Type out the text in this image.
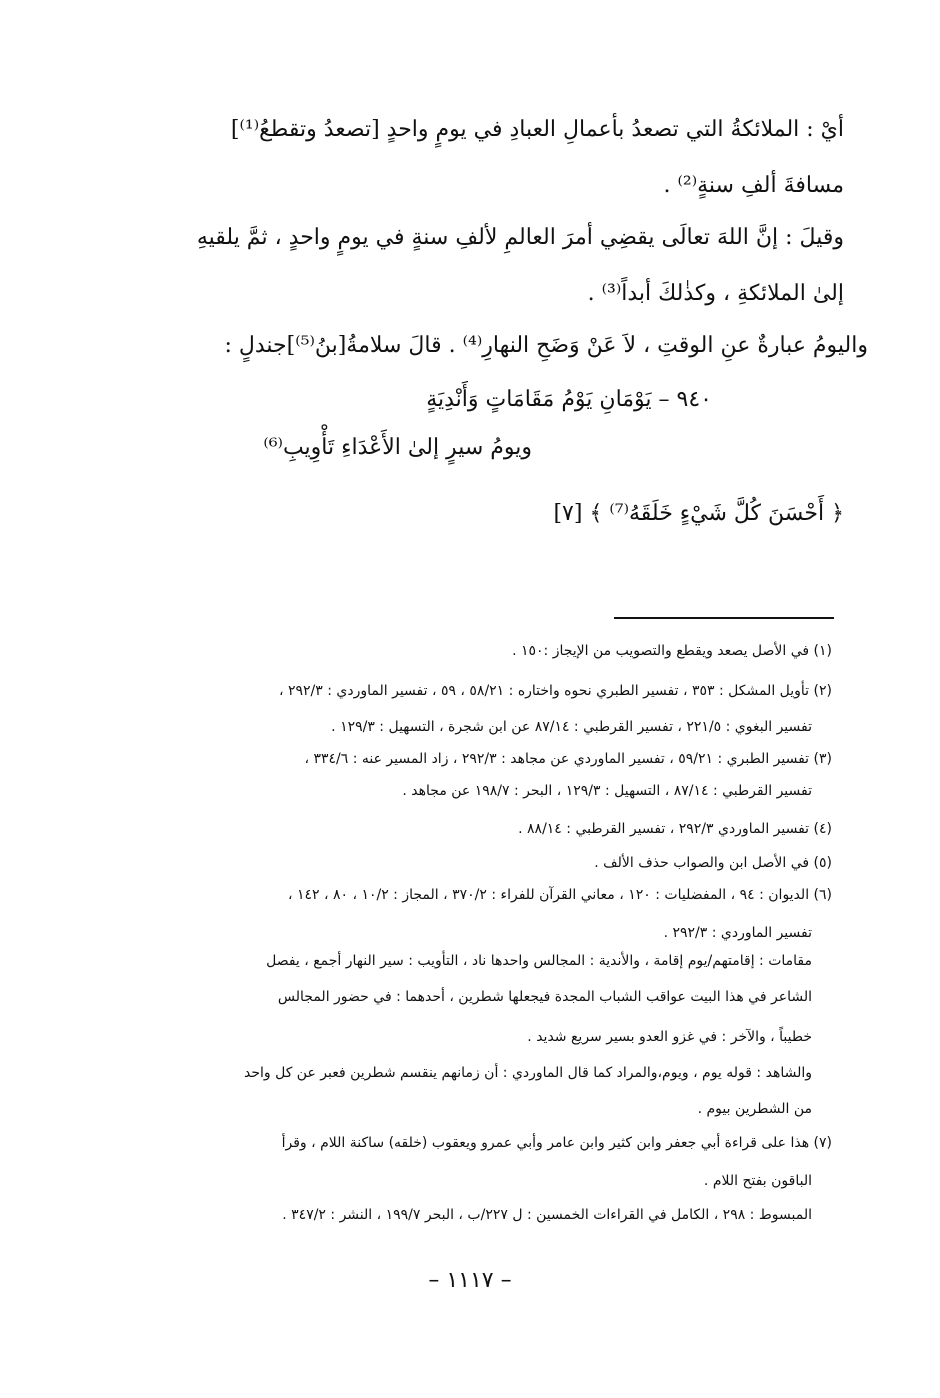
أيْ : الملائكةُ التي تصعدُ بأعمالِ العبادِ في يومٍ واحدٍ [تصعدُ وتقطعُ⁽¹⁾]
مسافةَ ألفِ سنةٍ⁽²⁾ .
وقيلَ : إنَّ اللهَ تعالَى يقضِي أمرَ العالمِ لألفِ سنةٍ في يومٍ واحدٍ ، ثمَّ يلقيهِ
إلىٰ الملائكةِ ، وكذٰلكَ أبداً⁽³⁾ .
واليومُ عبارةٌ عنِ الوقتِ ، لاَ عَنْ وَضَحِ النهارِ⁽⁴⁾ . قالَ سلامةُ[بنُ⁽⁵⁾]جندلٍ :
٩٤٠ – يَوْمَانِ يَوْمُ مَقَامَاتٍ وَأَنْدِيَةٍ
ويومُ سيرٍ إلىٰ الأَعْدَاءِ تَأْوِيبِ⁽⁶⁾
﴿ أَحْسَنَ كُلَّ شَيْءٍ خَلَقَهُ⁽⁷⁾ ﴾ [٧]
(١) في الأصل يصعد ويقطع والتصويب من الإيجاز :١٥٠ .
(٢) تأويل المشكل : ٣٥٣ ، تفسير الطبري نحوه واختاره : ٥٨/٢١ ، ٥٩ ، تفسير الماوردي : ٢٩٢/٣ ،
تفسير البغوي : ٢٢١/٥ ، تفسير القرطبي : ٨٧/١٤ عن ابن شجرة ، التسهيل : ١٢٩/٣ .
(٣) تفسير الطبري : ٥٩/٢١ ، تفسير الماوردي عن مجاهد : ٢٩٢/٣ ، زاد المسير عنه : ٣٣٤/٦ ،
تفسير القرطبي : ٨٧/١٤ ، التسهيل : ١٢٩/٣ ، البحر : ١٩٨/٧ عن مجاهد .
(٤) تفسير الماوردي ٢٩٢/٣ ، تفسير القرطبي : ٨٨/١٤ .
(٥) في الأصل ابن والصواب حذف الألف .
(٦) الديوان : ٩٤ ، المفضليات : ١٢٠ ، معاني القرآن للفراء : ٣٧٠/٢ ، المجاز : ١٠/٢ ، ٨٠ ، ١٤٢ ،
تفسير الماوردي : ٢٩٢/٣ .
مقامات : إقامتهم/يوم إقامة ، والأندية : المجالس واحدها ناد ، التأويب : سير النهار أجمع ، يفصل
الشاعر في هذا البيت عواقب الشباب المجدة فيجعلها شطرين ، أحدهما : في حضور المجالس
خطيباً ، والآخر : في غزو العدو بسير سريع شديد .
والشاهد : قوله يوم ، ويوم،والمراد كما قال الماوردي : أن زمانهم ينقسم شطرين فعبر عن كل واحد
من الشطرين بيوم .
(٧) هذا على قراءة أبي جعفر وابن كثير وابن عامر وأبي عمرو ويعقوب (خلقه) ساكنة اللام ، وقرأ
الباقون بفتح اللام .
المبسوط : ٢٩٨ ، الكامل في القراءات الخمسين : ل ٢٢٧/ب ، البحر ١٩٩/٧ ، النشر : ٣٤٧/٢ .
– ١١١٧ –
